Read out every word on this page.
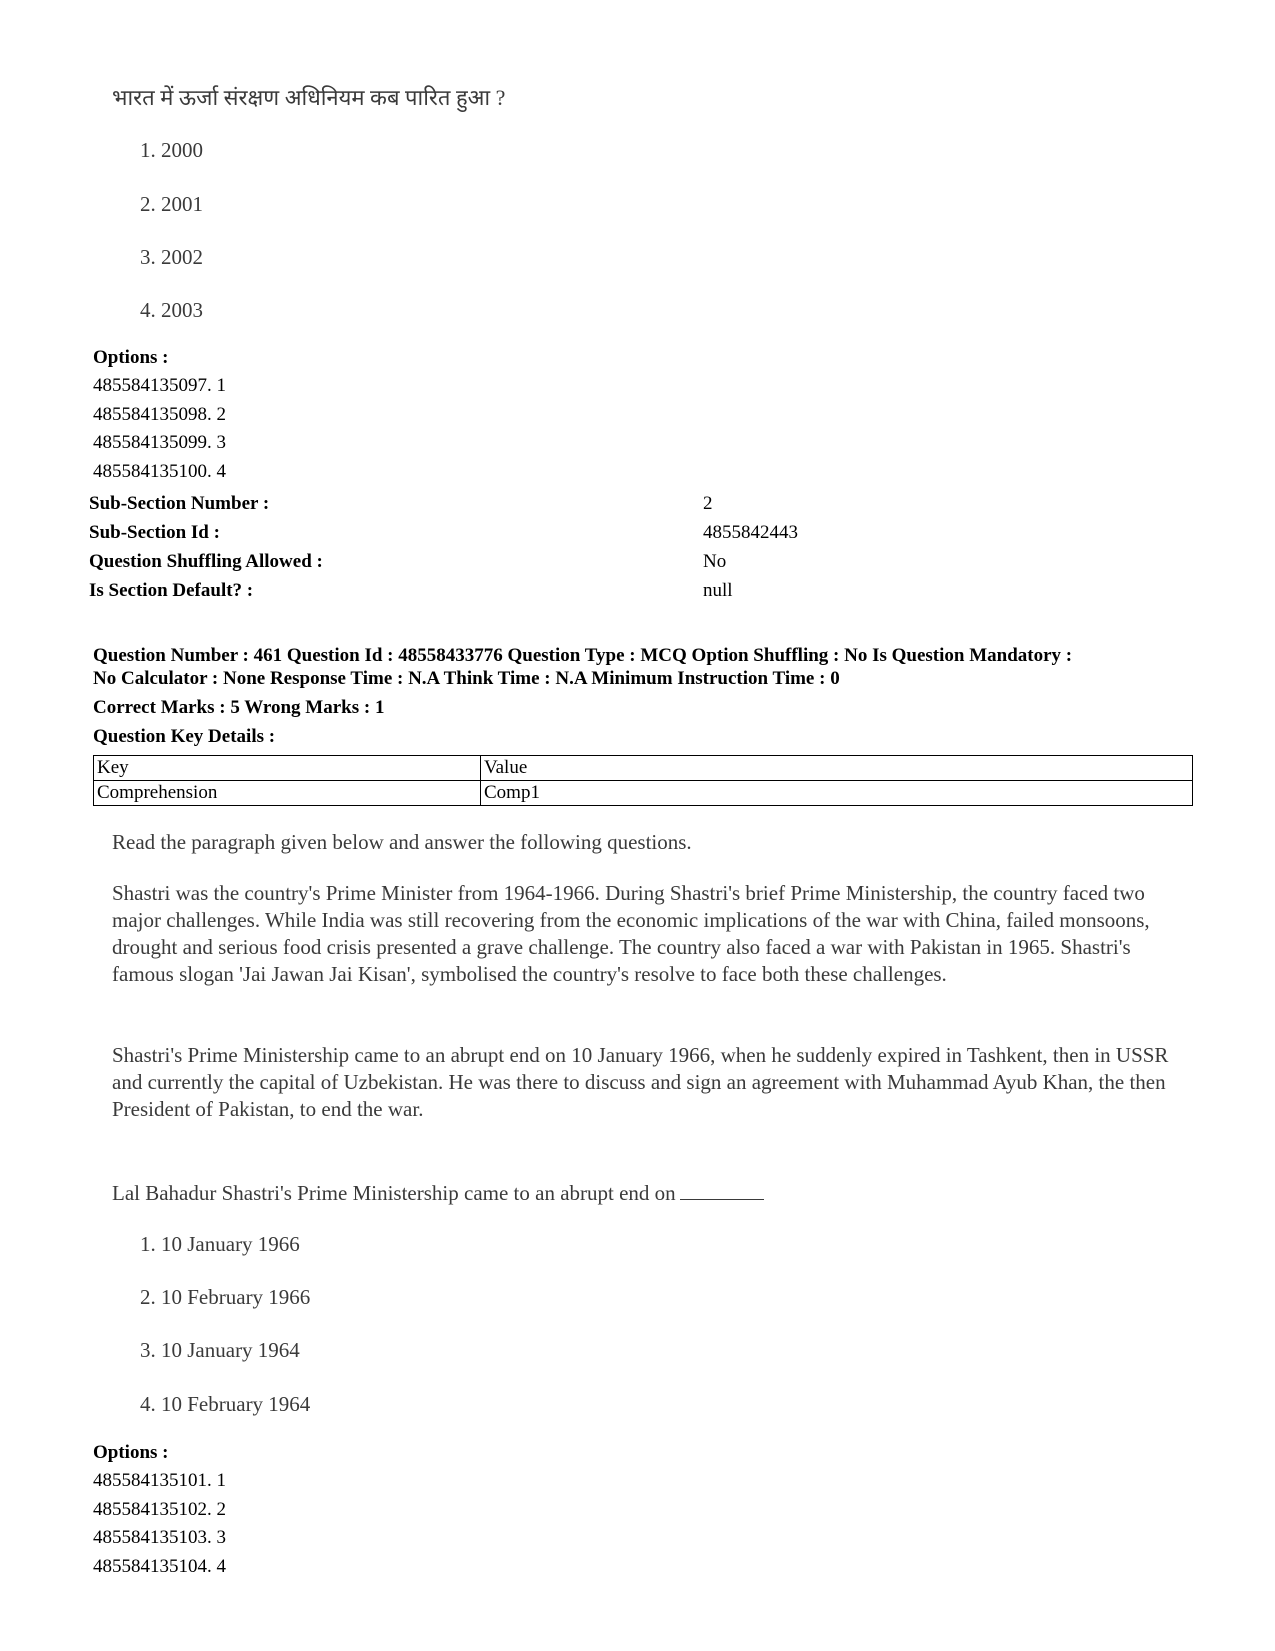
भारत में ऊर्जा संरक्षण अधिनियम कब पारित हुआ ?
1. 2000
2. 2001
3. 2002
4. 2003
Options :
485584135097. 1
485584135098. 2
485584135099. 3
485584135100. 4
Sub-Section Number :	2
Sub-Section Id :	4855842443
Question Shuffling Allowed :	No
Is Section Default? :	null
Question Number : 461 Question Id : 48558433776 Question Type : MCQ Option Shuffling : No Is Question Mandatory :
No Calculator : None Response Time : N.A Think Time : N.A Minimum Instruction Time : 0
Correct Marks : 5 Wrong Marks : 1
Question Key Details :
Key	Value
Comprehension	Comp1

Read the paragraph given below and answer the following questions.

Shastri was the country's Prime Minister from 1964-1966. During Shastri's brief Prime Ministership, the country faced two major challenges. While India was still recovering from the economic implications of the war with China, failed monsoons, drought and serious food crisis presented a grave challenge. The country also faced a war with Pakistan in 1965. Shastri's famous slogan 'Jai Jawan Jai Kisan', symbolised the country's resolve to face both these challenges.

Shastri's Prime Ministership came to an abrupt end on 10 January 1966, when he suddenly expired in Tashkent, then in USSR and currently the capital of Uzbekistan. He was there to discuss and sign an agreement with Muhammad Ayub Khan, the then President of Pakistan, to end the war.

Lal Bahadur Shastri's Prime Ministership came to an abrupt end on
1. 10 January 1966
2. 10 February 1966
3. 10 January 1964
4. 10 February 1964
Options :
485584135101. 1
485584135102. 2
485584135103. 3
485584135104. 4
